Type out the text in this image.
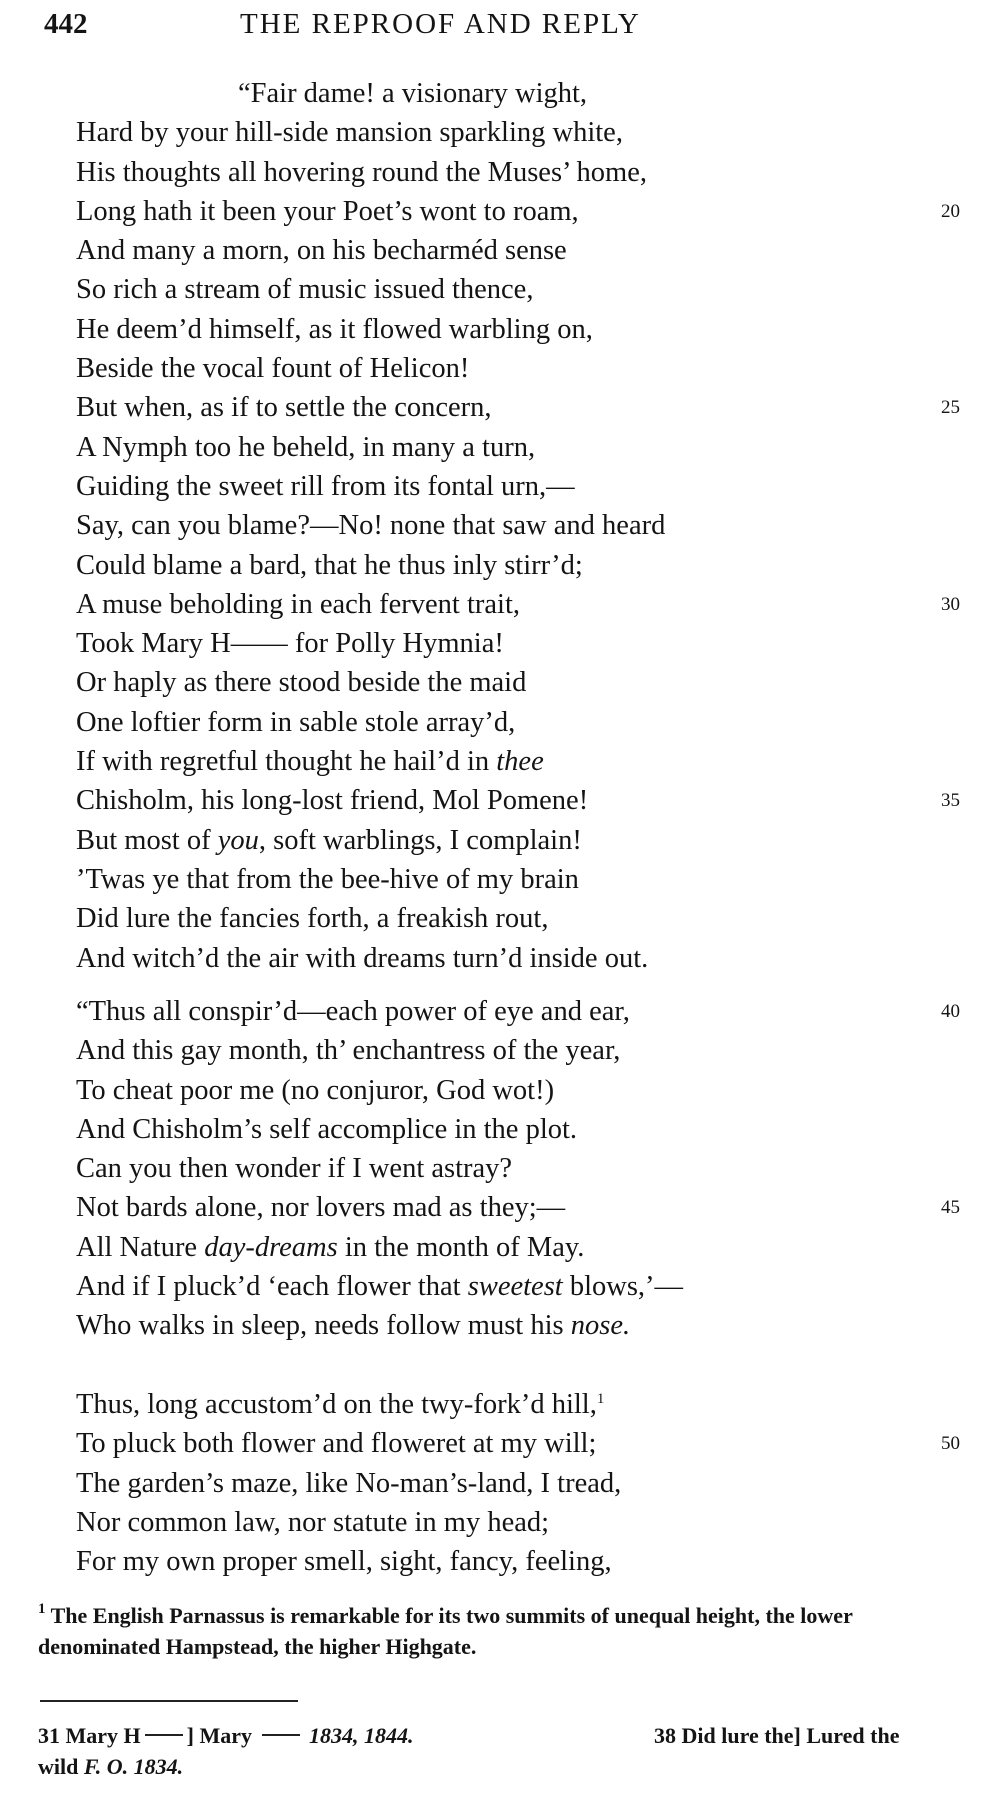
442	THE REPROOF AND REPLY
“Fair dame! a visionary wight,
Hard by your hill-side mansion sparkling white,
His thoughts all hovering round the Muses’ home,
Long hath it been your Poet’s wont to roam,	20
And many a morn, on his becharméd sense
So rich a stream of music issued thence,
He deem’d himself, as it flowed warbling on,
Beside the vocal fount of Helicon!
But when, as if to settle the concern,	25
A Nymph too he beheld, in many a turn,
Guiding the sweet rill from its fontal urn,—
Say, can you blame?—No! none that saw and heard
Could blame a bard, that he thus inly stirr’d;
A muse beholding in each fervent trait,	30
Took Mary H—— for Polly Hymnia!
Or haply as there stood beside the maid
One loftier form in sable stole array’d,
If with regretful thought he hail’d in thee
Chisholm, his long-lost friend, Mol Pomene!	35
But most of you, soft warblings, I complain!
’Twas ye that from the bee-hive of my brain
Did lure the fancies forth, a freakish rout,
And witch’d the air with dreams turn’d inside out.
“Thus all conspir’d—each power of eye and ear,	40
And this gay month, th’ enchantress of the year,
To cheat poor me (no conjuror, God wot!)
And Chisholm’s self accomplice in the plot.
Can you then wonder if I went astray?
Not bards alone, nor lovers mad as they;—	45
All Nature day-dreams in the month of May.
And if I pluck’d ‘each flower that sweetest blows,’—
Who walks in sleep, needs follow must his nose.
Thus, long accustom’d on the twy-fork’d hill,$^1$
To pluck both flower and floweret at my will;	50
The garden’s maze, like No-man’s-land, I tread,
Nor common law, nor statute in my head;
For my own proper smell, sight, fancy, feeling,
$^1$ The English Parnassus is remarkable for its two summits of unequal height, the lower denominated Hampstead, the higher Highgate.
31 Mary H ] Mary	1834, 1844.	38 Did lure the] Lured the
wild F. O. 1834.
